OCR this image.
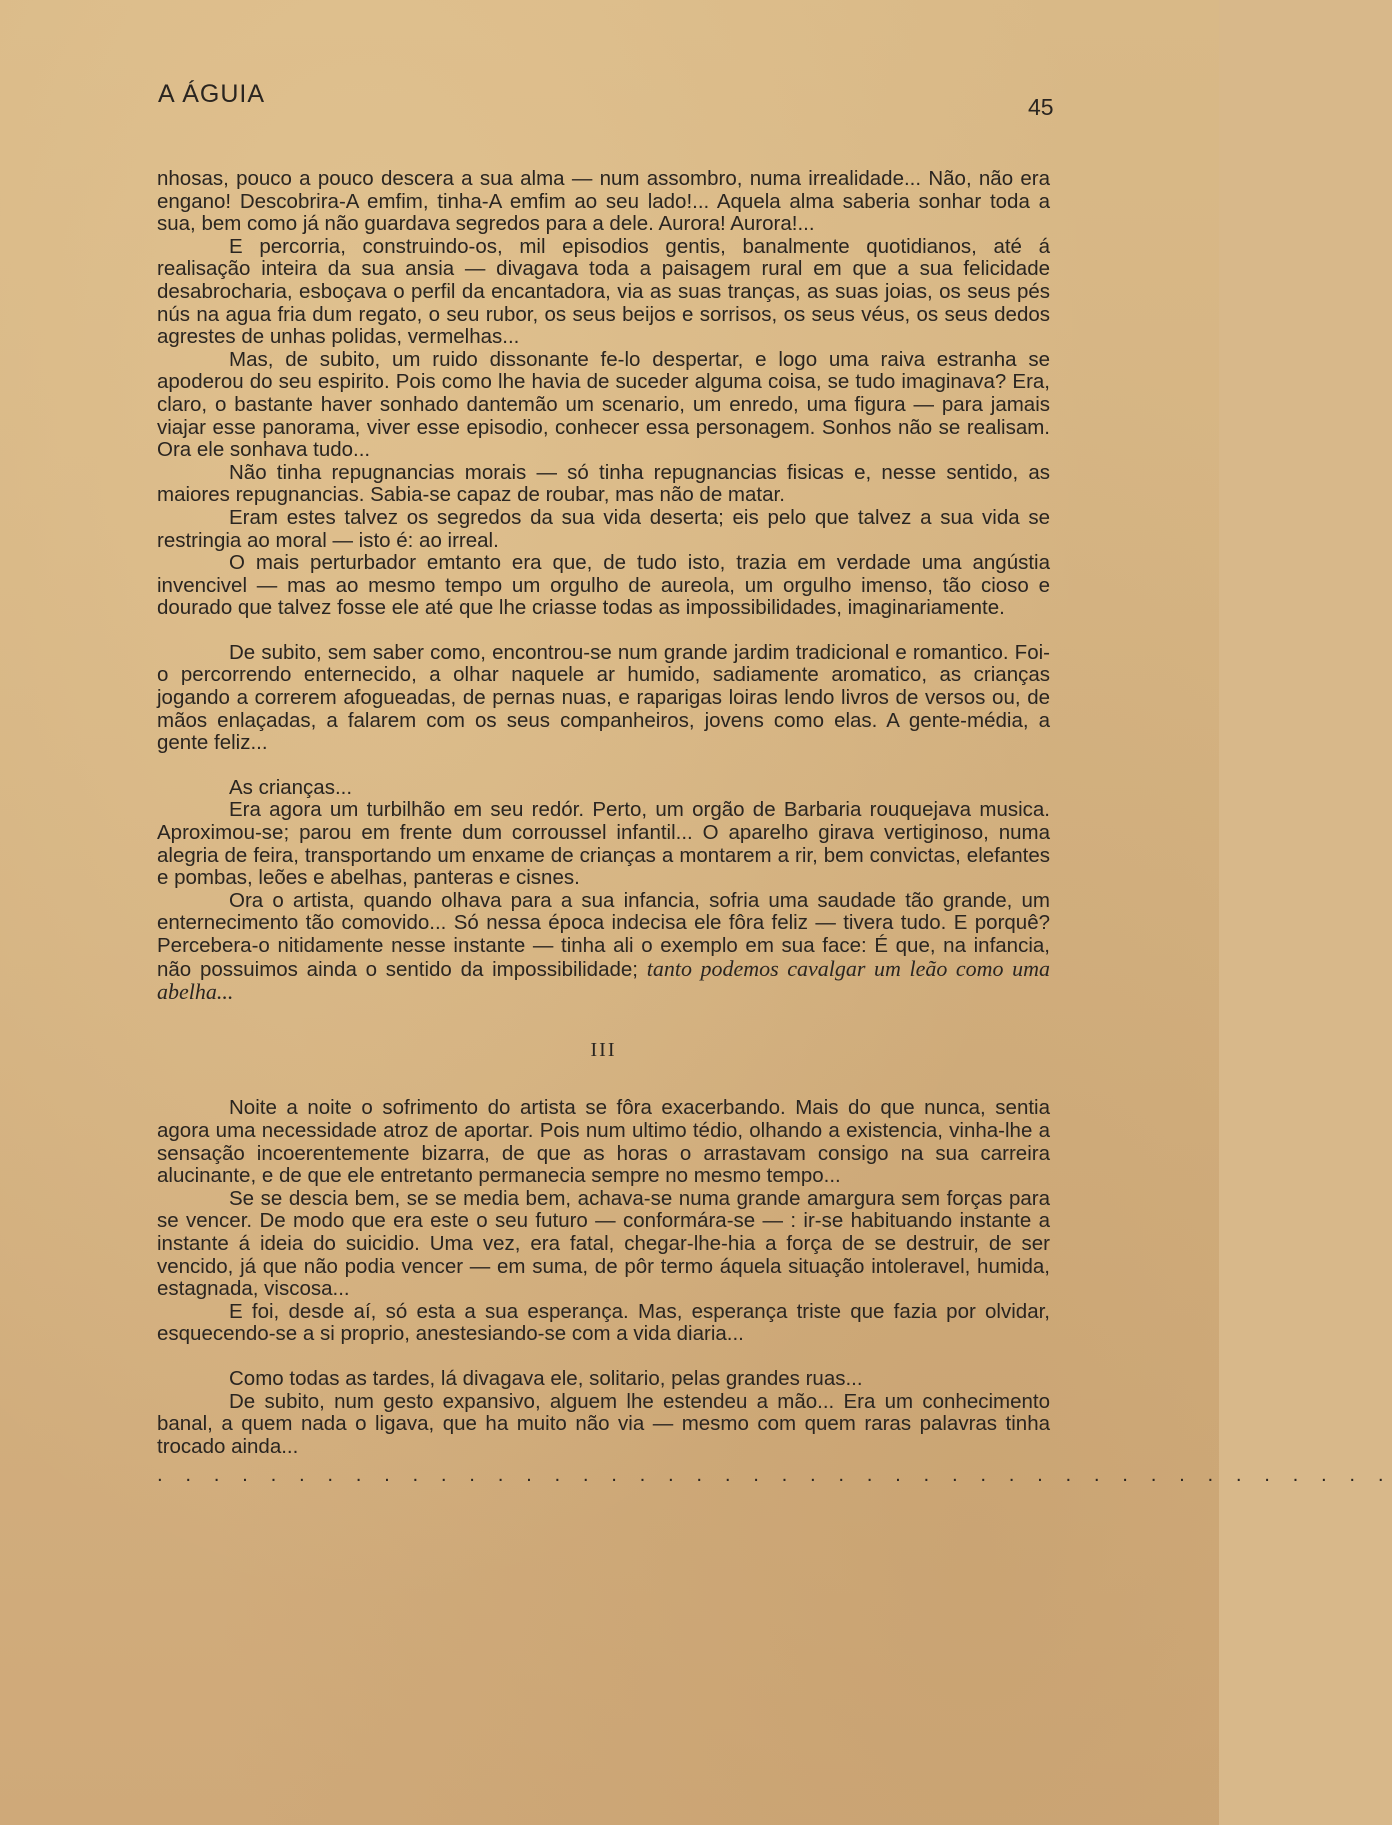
A ÁGUIA	45

nhosas, pouco a pouco descera a sua alma — num assombro, numa irrealidade... Não, não era engano! Descobrira-A emfim, tinha-A emfim ao seu lado!... Aquela alma saberia sonhar toda a sua, bem como já não guardava segredos para a dele. Aurora! Aurora!...

E percorria, construindo-os, mil episodios gentis, banalmente quotidianos, até á realisação inteira da sua ansia — divagava toda a paisagem rural em que a sua felicidade desabrocharia, esboçava o perfil da encantadora, via as suas tranças, as suas joias, os seus pés nús na agua fria dum regato, o seu rubor, os seus beijos e sorrisos, os seus véus, os seus dedos agrestes de unhas polidas, vermelhas...

Mas, de subito, um ruido dissonante fe-lo despertar, e logo uma raiva estranha se apoderou do seu espirito. Pois como lhe havia de suceder alguma coisa, se tudo imaginava? Era, claro, o bastante haver sonhado dantemão um scenario, um enredo, uma figura — para jamais viajar esse panorama, viver esse episodio, conhecer essa personagem. Sonhos não se realisam. Ora ele sonhava tudo...

Não tinha repugnancias morais — só tinha repugnancias fisicas e, nesse sentido, as maiores repugnancias. Sabia-se capaz de roubar, mas não de matar.

Eram estes talvez os segredos da sua vida deserta; eis pelo que talvez a sua vida se restringia ao moral — isto é: ao irreal.

O mais perturbador emtanto era que, de tudo isto, trazia em verdade uma angústia invencivel — mas ao mesmo tempo um orgulho de aureola, um orgulho imenso, tão cioso e dourado que talvez fosse ele até que lhe criasse todas as impossibilidades, imaginariamente.

De subito, sem saber como, encontrou-se num grande jardim tradicional e romantico. Foi-o percorrendo enternecido, a olhar naquele ar humido, sadiamente aromatico, as crianças jogando a correrem afogueadas, de pernas nuas, e raparigas loiras lendo livros de versos ou, de mãos enlaçadas, a falarem com os seus companheiros, jovens como elas. A gente-média, a gente feliz...

As crianças...

Era agora um turbilhão em seu redór. Perto, um orgão de Barbaria rouquejava musica. Aproximou-se; parou em frente dum corroussel infantil... O aparelho girava vertiginoso, numa alegria de feira, transportando um enxame de crianças a montarem a rir, bem convictas, elefantes e pombas, leões e abelhas, panteras e cisnes.

Ora o artista, quando olhava para a sua infancia, sofria uma saudade tão grande, um enternecimento tão comovido... Só nessa época indecisa ele fôra feliz — tivera tudo. E porquê? Percebera-o nitidamente nesse instante — tinha ali o exemplo em sua face: É que, na infancia, não possuimos ainda o sentido da impossibilidade; tanto podemos cavalgar um leão como uma abelha...

III

Noite a noite o sofrimento do artista se fôra exacerbando. Mais do que nunca, sentia agora uma necessidade atroz de aportar. Pois num ultimo tédio, olhando a existencia, vinha-lhe a sensação incoerentemente bizarra, de que as horas o arrastavam consigo na sua carreira alucinante, e de que ele entretanto permanecia sempre no mesmo tempo...

Se se descia bem, se se media bem, achava-se numa grande amargura sem forças para se vencer. De modo que era este o seu futuro — conformára-se — : ir-se habituando instante a instante á ideia do suicidio. Uma vez, era fatal, chegar-lhe-hia a força de se destruir, de ser vencido, já que não podia vencer — em suma, de pôr termo áquela situação intoleravel, humida, estagnada, viscosa...

E foi, desde aí, só esta a sua esperança. Mas, esperança triste que fazia por olvidar, esquecendo-se a si proprio, anestesiando-se com a vida diaria...

Como todas as tardes, lá divagava ele, solitario, pelas grandes ruas...

De subito, num gesto expansivo, alguem lhe estendeu a mão... Era um conhecimento banal, a quem nada o ligava, que ha muito não via — mesmo com quem raras palavras tinha trocado ainda...

. . . . . . . . . . . . . . . . . . . . . . . . . . . . . . . . . . . . . . . . . . . .
